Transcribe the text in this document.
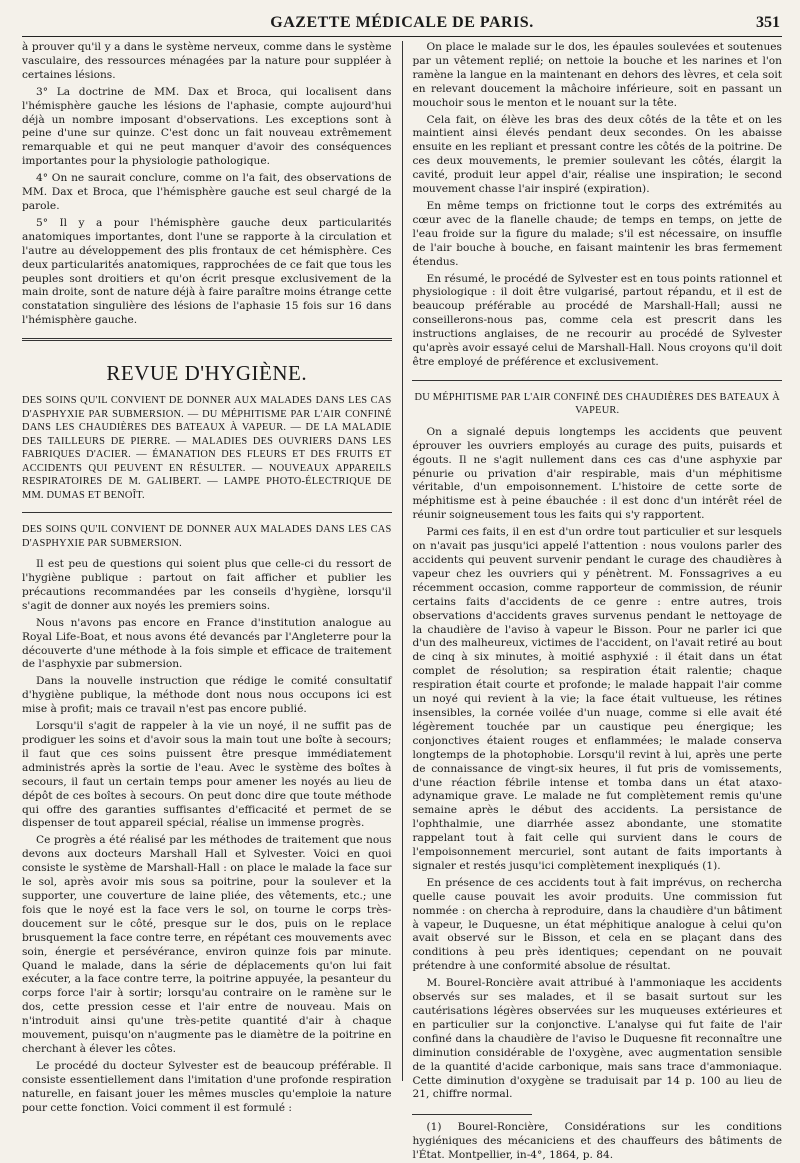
GAZETTE MÉDICALE DE PARIS.	351

à prouver qu'il y a dans le système nerveux, comme dans le système vasculaire, des ressources ménagées par la nature pour suppléer à certaines lésions.

3° La doctrine de MM. Dax et Broca, qui localisent dans l'hémisphère gauche les lésions de l'aphasie, compte aujourd'hui déjà un nombre imposant d'observations. Les exceptions sont à peine d'une sur quinze. C'est donc un fait nouveau extrêmement remarquable et qui ne peut manquer d'avoir des conséquences importantes pour la physiologie pathologique.

4° On ne saurait conclure, comme on l'a fait, des observations de MM. Dax et Broca, que l'hémisphère gauche est seul chargé de la parole.

5° Il y a pour l'hémisphère gauche deux particularités anatomiques importantes, dont l'une se rapporte à la circulation et l'autre au développement des plis frontaux de cet hémisphère. Ces deux particularités anatomiques, rapprochées de ce fait que tous les peuples sont droitiers et qu'on écrit presque exclusivement de la main droite, sont de nature déjà à faire paraître moins étrange cette constatation singulière des lésions de l'aphasie 15 fois sur 16 dans l'hémisphère gauche.

REVUE D'HYGIÈNE.
DES SOINS QU'IL CONVIENT DE DONNER AUX MALADES DANS LES CAS D'ASPHYXIE PAR SUBMERSION. — DU MÉPHITISME PAR L'AIR CONFINÉ DANS LES CHAUDIÈRES DES BATEAUX À VAPEUR. — DE LA MALADIE DES TAILLEURS DE PIERRE. — MALADIES DES OUVRIERS DANS LES FABRIQUES D'ACIER. — ÉMANATION DES FLEURS ET DES FRUITS ET ACCIDENTS QUI PEUVENT EN RÉSULTER. — NOUVEAUX APPAREILS RESPIRATOIRES DE M. GALIBERT. — LAMPE PHOTO-ÉLECTRIQUE DE MM. DUMAS ET BENOÎT.
DES SOINS QU'IL CONVIENT DE DONNER AUX MALADES DANS LES CAS D'ASPHYXIE PAR SUBMERSION.

Il est peu de questions qui soient plus que celle-ci du ressort de l'hygiène publique : partout on fait afficher et publier les précautions recommandées par les conseils d'hygiène, lorsqu'il s'agit de donner aux noyés les premiers soins.

Nous n'avons pas encore en France d'institution analogue au Royal Life-Boat, et nous avons été devancés par l'Angleterre pour la découverte d'une méthode à la fois simple et efficace de traitement de l'asphyxie par submersion.

Dans la nouvelle instruction que rédige le comité consultatif d'hygiène publique, la méthode dont nous nous occupons ici est mise à profit; mais ce travail n'est pas encore publié.

Lorsqu'il s'agit de rappeler à la vie un noyé, il ne suffit pas de prodiguer les soins et d'avoir sous la main tout une boîte à secours; il faut que ces soins puissent être presque immédiatement administrés après la sortie de l'eau. Avec le système des boîtes à secours, il faut un certain temps pour amener les noyés au lieu de dépôt de ces boîtes à secours. On peut donc dire que toute méthode qui offre des garanties suffisantes d'efficacité et permet de se dispenser de tout appareil spécial, réalise un immense progrès.

Ce progrès a été réalisé par les méthodes de traitement que nous devons aux docteurs Marshall Hall et Sylvester. Voici en quoi consiste le système de Marshall-Hall : on place le malade la face sur le sol, après avoir mis sous sa poitrine, pour la soulever et la supporter, une couverture de laine pliée, des vêtements, etc.; une fois que le noyé est la face vers le sol, on tourne le corps très-doucement sur le côté, presque sur le dos, puis on le replace brusquement la face contre terre, en répétant ces mouvements avec soin, énergie et persévérance, environ quinze fois par minute. Quand le malade, dans la série de déplacements qu'on lui fait exécuter, a la face contre terre, la poitrine appuyée, la pesanteur du corps force l'air à sortir; lorsqu'au contraire on le ramène sur le dos, cette pression cesse et l'air entre de nouveau. Mais on n'introduit ainsi qu'une très-petite quantité d'air à chaque mouvement, puisqu'on n'augmente pas le diamètre de la poitrine en cherchant à élever les côtes.

Le procédé du docteur Sylvester est de beaucoup préférable. Il consiste essentiellement dans l'imitation d'une profonde respiration naturelle, en faisant jouer les mêmes muscles qu'emploie la nature pour cette fonction. Voici comment il est formulé :

On place le malade sur le dos, les épaules soulevées et soutenues par un vêtement replié; on nettoie la bouche et les narines et l'on ramène la langue en la maintenant en dehors des lèvres, et cela soit en relevant doucement la mâchoire inférieure, soit en passant un mouchoir sous le menton et le nouant sur la tête.

Cela fait, on élève les bras des deux côtés de la tête et on les maintient ainsi élevés pendant deux secondes. On les abaisse ensuite en les repliant et pressant contre les côtés de la poitrine. De ces deux mouvements, le premier soulevant les côtés, élargit la cavité, produit leur appel d'air, réalise une inspiration; le second mouvement chasse l'air inspiré (expiration).

En même temps on frictionne tout le corps des extrémités au cœur avec de la flanelle chaude; de temps en temps, on jette de l'eau froide sur la figure du malade; s'il est nécessaire, on insuffle de l'air bouche à bouche, en faisant maintenir les bras fermement étendus.

En résumé, le procédé de Sylvester est en tous points rationnel et physiologique : il doit être vulgarisé, partout répandu, et il est de beaucoup préférable au procédé de Marshall-Hall; aussi ne conseillerons-nous pas, comme cela est prescrit dans les instructions anglaises, de ne recourir au procédé de Sylvester qu'après avoir essayé celui de Marshall-Hall. Nous croyons qu'il doit être employé de préférence et exclusivement.

DU MÉPHITISME PAR L'AIR CONFINÉ DES CHAUDIÈRES DES BATEAUX À VAPEUR.

On a signalé depuis longtemps les accidents que peuvent éprouver les ouvriers employés au curage des puits, puisards et égouts. Il ne s'agit nullement dans ces cas d'une asphyxie par pénurie ou privation d'air respirable, mais d'un méphitisme véritable, d'un empoisonnement. L'histoire de cette sorte de méphitisme est à peine ébauchée : il est donc d'un intérêt réel de réunir soigneusement tous les faits qui s'y rapportent.

Parmi ces faits, il en est d'un ordre tout particulier et sur lesquels on n'avait pas jusqu'ici appelé l'attention : nous voulons parler des accidents qui peuvent survenir pendant le curage des chaudières à vapeur chez les ouvriers qui y pénètrent. M. Fonssagrives a eu récemment occasion, comme rapporteur de commission, de réunir certains faits d'accidents de ce genre : entre autres, trois observations d'accidents graves survenus pendant le nettoyage de la chaudière de l'aviso à vapeur le Bisson. Pour ne parler ici que d'un des malheureux, victimes de l'accident, on l'avait retiré au bout de cinq à six minutes, à moitié asphyxié : il était dans un état complet de résolution; sa respiration était ralentie; chaque respiration était courte et profonde; le malade happait l'air comme un noyé qui revient à la vie; la face était vultueuse, les rétines insensibles, la cornée voilée d'un nuage, comme si elle avait été légèrement touchée par un caustique peu énergique; les conjonctives étaient rouges et enflammées; le malade conserva longtemps de la photophobie. Lorsqu'il revint à lui, après une perte de connaissance de vingt-six heures, il fut pris de vomissements, d'une réaction fébrile intense et tomba dans un état ataxo-adynamique grave. Le malade ne fut complètement remis qu'une semaine après le début des accidents. La persistance de l'ophthalmie, une diarrhée assez abondante, une stomatite rappelant tout à fait celle qui survient dans le cours de l'empoisonnement mercuriel, sont autant de faits importants à signaler et restés jusqu'ici complètement inexpliqués (1).

En présence de ces accidents tout à fait imprévus, on rechercha quelle cause pouvait les avoir produits. Une commission fut nommée : on chercha à reproduire, dans la chaudière d'un bâtiment à vapeur, le Duquesne, un état méphitique analogue à celui qu'on avait observé sur le Bisson, et cela en se plaçant dans des conditions à peu près identiques; cependant on ne pouvait prétendre à une conformité absolue de résultat.

M. Bourel-Roncière avait attribué à l'ammoniaque les accidents observés sur ses malades, et il se basait surtout sur les cautérisations légères observées sur les muqueuses extérieures et en particulier sur la conjonctive. L'analyse qui fut faite de l'air confiné dans la chaudière de l'aviso le Duquesne fit reconnaître une diminution considérable de l'oxygène, avec augmentation sensible de la quantité d'acide carbonique, mais sans trace d'ammoniaque. Cette diminution d'oxygène se traduisait par 14 p. 100 au lieu de 21, chiffre normal.

(1) Bourel-Roncière, Considérations sur les conditions hygiéniques des mécaniciens et des chauffeurs des bâtiments de l'État. Montpellier, in-4°, 1864, p. 84.
